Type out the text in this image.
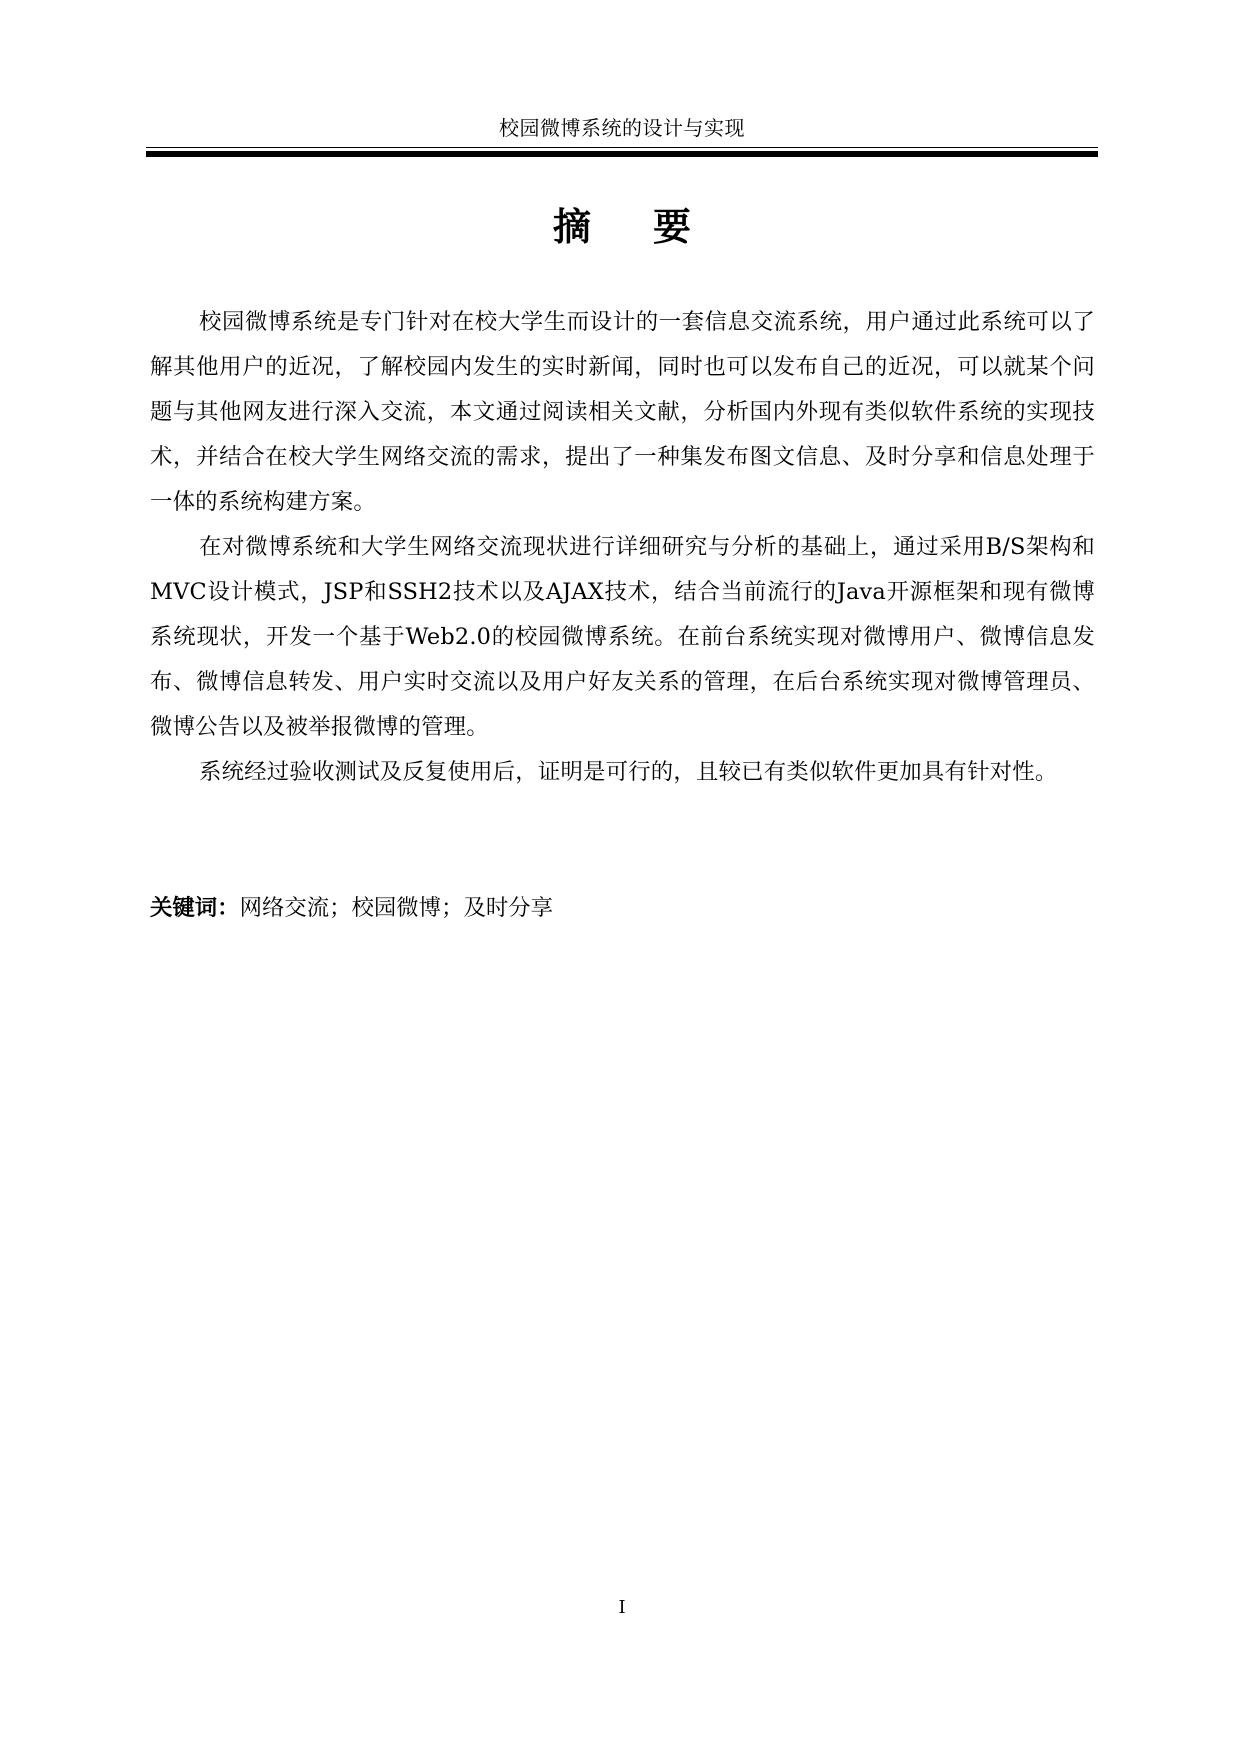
校园微博系统的设计与实现
摘要

校园微博系统是专门针对在校大学生而设计的一套信息交流系统，用户通过此系统可以了解其他用户的近况，了解校园内发生的实时新闻，同时也可以发布自己的近况，可以就某个问题与其他网友进行深入交流，本文通过阅读相关文献，分析国内外现有类似软件系统的实现技术，并结合在校大学生网络交流的需求，提出了一种集发布图文信息、及时分享和信息处理于一体的系统构建方案。

在对微博系统和大学生网络交流现状进行详细研究与分析的基础上，通过采用B/S架构和MVC设计模式，JSP和SSH2技术以及AJAX技术，结合当前流行的Java开源框架和现有微博系统现状，开发一个基于Web2.0的校园微博系统。在前台系统实现对微博用户、微博信息发布、微博信息转发、用户实时交流以及用户好友关系的管理，在后台系统实现对微博管理员、微博公告以及被举报微博的管理。

系统经过验收测试及反复使用后，证明是可行的，且较已有类似软件更加具有针对性。

关键词：网络交流；校园微博；及时分享
I
